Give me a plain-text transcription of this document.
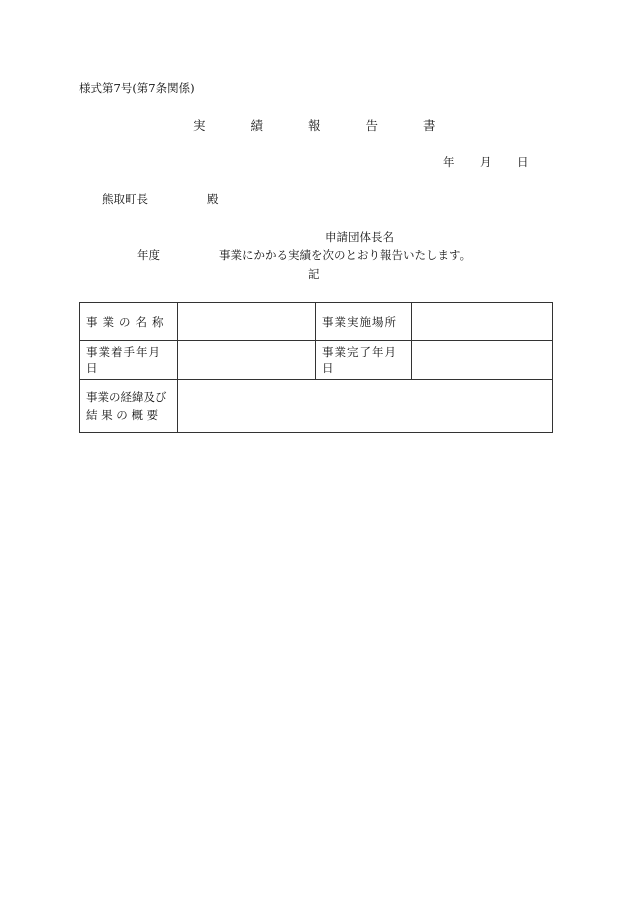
様式第7号(第7条関係)
実	績	報	告	書
年	月	日
熊取町長	殿
申請団体長名
年度	事業にかかる実績を次のとおり報告いたします。
記
事業の名称		事業実施場所	
事業着手年月日		事業完了年月日	

事業の経緯及び
結 果 の 概 要			
